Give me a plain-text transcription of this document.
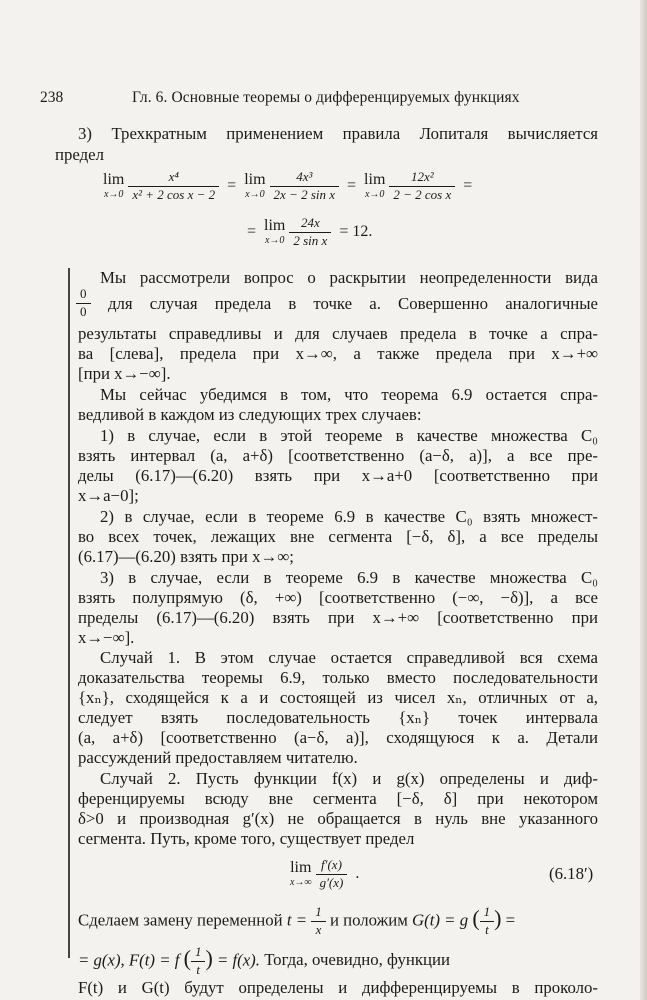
238	Гл. 6. Основные теоремы о дифференцируемых функциях
3) Трехкратным применением правила Лопиталя вычисляется
предел
lim
x→0
$\frac{\text{x⁴}}{\text{x² + 2 cos x − 2}} = \lim$
x→0
$\frac{\text{4x³}}{\text{2x − 2 sin x}} = \lim$
x→0
$\frac{\text{12x²}}{\text{2 − 2 cos x}}$ =
= lim
x→0
$\frac{24x}{\text{2 sin x}} = 12$.
Мы рассмотрели вопрос о раскрытии неопределенности вида
$\frac{0}{0}$ для случая предела в точке a. Совершенно аналогичные
результаты справедливы и для случаев предела в точке a спра-
ва [слева], предела при x→∞, а также предела при x→+∞
[при x→−∞].
Мы сейчас убедимся в том, что теорема 6.9 остается спра-
ведливой в каждом из следующих трех случаев:
1) в случае, если в этой теореме в качестве множества C₀
взять интервал (a, a+δ) [соответственно (a−δ, a)], а все пре-
делы (6.17)—(6.20) взять при x→a+0 [соответственно при
x→a−0];
2) в случае, если в теореме 6.9 в качестве C₀ взять множест-
во всех точек, лежащих вне сегмента [−δ, δ], а все пределы
(6.17)—(6.20) взять при x→∞;
3) в случае, если в теореме 6.9 в качестве множества C₀
взять полупрямую (δ, +∞) [соответственно (−∞, −δ)], а все
пределы (6.17)—(6.20) взять при x→+∞ [соответственно при
x→−∞].
Случай 1. В этом случае остается справедливой вся схема
доказательства теоремы 6.9, только вместо последовательности
{xₙ}, сходящейся к a и состоящей из чисел xₙ, отличных от a,
следует взять последовательность {xₙ} точек интервала
(a, a+δ) [соответственно (a−δ, a)], сходящуюся к a. Детали
рассуждений предоставляем читателю.
Случай 2. Пусть функции f(x) и g(x) определены и диф-
ференцируемы всюду вне сегмента [−δ, δ] при некотором
δ>0 и производная g′(x) не обращается в нуль вне указанного
сегмента. Путь, кроме того, существует предел
lim
x→∞
$\frac{f'(x)}{g'(x)}$ .	(6.18′)
Сделаем замену переменной $t = \frac{1}{x}$ и положим G(t) = g ( $\frac{1}{t}$ ) =
= g(x), F(t) = f ( $\frac{1}{t}$ ) = f(x). Тогда, очевидно, функции
F(t) и G(t) будут определены и дифференцируемы в проколо-
